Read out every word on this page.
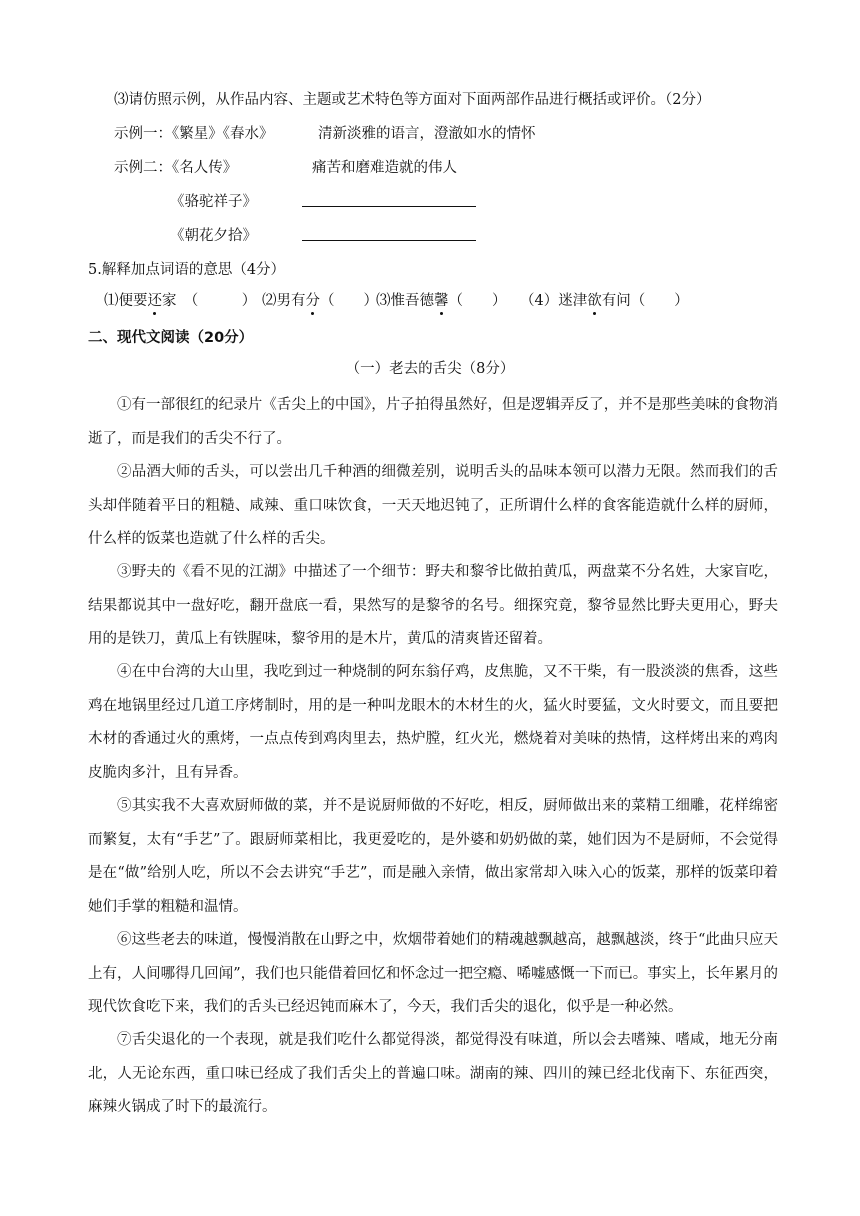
⑶请仿照示例，从作品内容、主题或艺术特色等方面对下面两部作品进行概括或评价。（2分）
示例一：《繁星》《春水》	清新淡雅的语言，澄澈如水的情怀
示例二：《名人传》	痛苦和磨难造就的伟人
《骆驼祥子》
《朝花夕拾》
5.解释加点词语的意思（4分）
⑴便要还家　（　　　） ⑵男有分（　　）
⑶惟吾德馨（　　） （4）迷津欲有问（　　）
二、现代文阅读（20分）
（一）老去的舌尖（8分）
①有一部很红的纪录片《舌尖上的中国》，片子拍得虽然好，但是逻辑弄反了，并不是那些美味的食物消逝了，而是我们的舌尖不行了。
②品酒大师的舌头，可以尝出几千种酒的细微差别，说明舌头的品味本领可以潜力无限。然而我们的舌头却伴随着平日的粗糙、咸辣、重口味饮食，一天天地迟钝了，正所谓什么样的食客能造就什么样的厨师，什么样的饭菜也造就了什么样的舌尖。
③野夫的《看不见的江湖》中描述了一个细节：野夫和黎爷比做拍黄瓜，两盘菜不分名姓，大家盲吃，结果都说其中一盘好吃，翻开盘底一看，果然写的是黎爷的名号。细探究竟，黎爷显然比野夫更用心，野夫用的是铁刀，黄瓜上有铁腥味，黎爷用的是木片，黄瓜的清爽皆还留着。
④在中台湾的大山里，我吃到过一种烧制的阿东翁仔鸡，皮焦脆，又不干柴，有一股淡淡的焦香，这些鸡在地锅里经过几道工序烤制时，用的是一种叫龙眼木的木材生的火，猛火时要猛，文火时要文，而且要把木材的香通过火的熏烤，一点点传到鸡肉里去，热炉膛，红火光，燃烧着对美味的热情，这样烤出来的鸡肉皮脆肉多汁，且有异香。
⑤其实我不大喜欢厨师做的菜，并不是说厨师做的不好吃，相反，厨师做出来的菜精工细雕，花样绵密而繁复，太有“手艺”了。跟厨师菜相比，我更爱吃的，是外婆和奶奶做的菜，她们因为不是厨师，不会觉得是在“做”给别人吃，所以不会去讲究“手艺”，而是融入亲情，做出家常却入味入心的饭菜，那样的饭菜印着她们手掌的粗糙和温情。
⑥这些老去的味道，慢慢消散在山野之中，炊烟带着她们的精魂越飘越高，越飘越淡，终于“此曲只应天上有，人间哪得几回闻”，我们也只能借着回忆和怀念过一把空瘾、唏嘘感慨一下而已。事实上，长年累月的现代饮食吃下来，我们的舌头已经迟钝而麻木了，今天，我们舌尖的退化，似乎是一种必然。
⑦舌尖退化的一个表现，就是我们吃什么都觉得淡，都觉得没有味道，所以会去嗜辣、嗜咸，地无分南北，人无论东西，重口味已经成了我们舌尖上的普遍口味。湖南的辣、四川的辣已经北伐南下、东征西突，麻辣火锅成了时下的最流行。
